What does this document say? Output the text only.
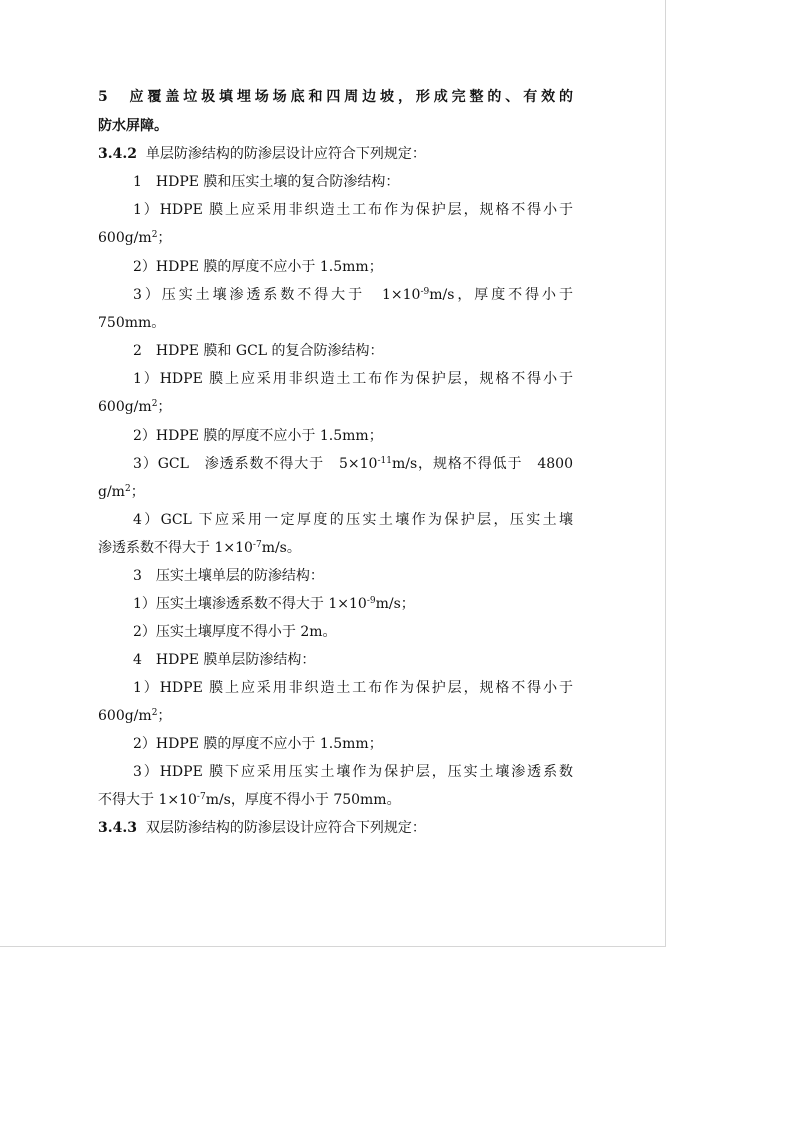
5　应覆盖垃圾填埋场场底和四周边坡，形成完整的、有效的
防水屏障。
3.4.2 单层防渗结构的防渗层设计应符合下列规定：
1　HDPE 膜和压实土壤的复合防渗结构：
1）HDPE 膜上应采用非织造土工布作为保护层，规格不得小于
$600g/m^2$；
2）HDPE 膜的厚度不应小于 1.5mm；
3）压实土壤渗透系数不得大于　$1\times 10^{-9}m/s$，厚度不得小于
750mm。
2　HDPE 膜和 GCL 的复合防渗结构：
1）HDPE 膜上应采用非织造土工布作为保护层，规格不得小于
$600g/m^2$；
2）HDPE 膜的厚度不应小于 1.5mm；
3）GCL　渗透系数不得大于　$5\times 10^{-11}m/s$，规格不得低于　4800
$g/m^2$；
4）GCL 下应采用一定厚度的压实土壤作为保护层，压实土壤
渗透系数不得大于 $1\times 10^{-7}m/s$。
3　压实土壤单层的防渗结构：
1）压实土壤渗透系数不得大于 $1\times 10^{-9}m/s$；
2）压实土壤厚度不得小于 2m。
4　HDPE 膜单层防渗结构：
1）HDPE 膜上应采用非织造土工布作为保护层，规格不得小于
$600g/m^2$；
2）HDPE 膜的厚度不应小于 1.5mm；
3）HDPE 膜下应采用压实土壤作为保护层，压实土壤渗透系数
不得大于 $1\times 10^{-7}m/s$，厚度不得小于 750mm。
3.4.3 双层防渗结构的防渗层设计应符合下列规定：
